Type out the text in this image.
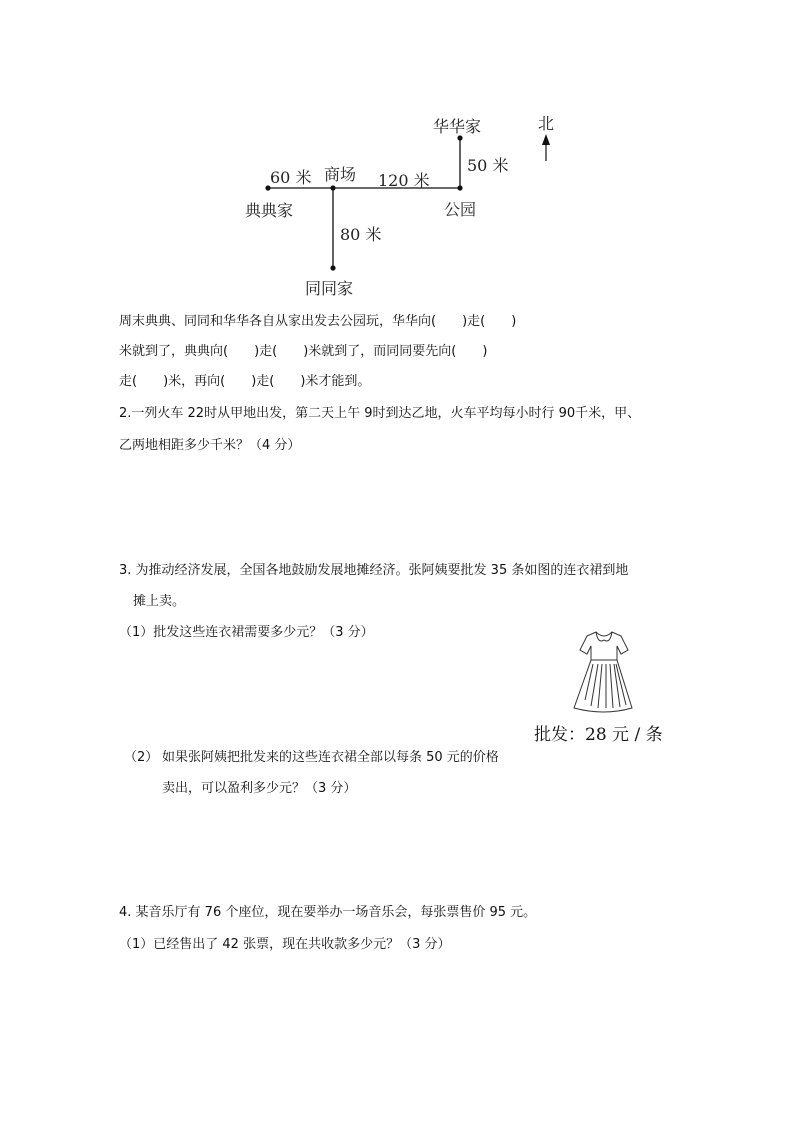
华华家	北
商场
60 米	120 米
50 米
典典家	公园
80 米
同同家
周末典典、同同和华华各自从家出发去公园玩，华华向(　　)走(　　)
米就到了，典典向(　　)走(　　)米就到了，而同同要先向(　　)
走(　　)米，再向(　　)走(　　)米才能到。
2.一列火车 22时从甲地出发，第二天上午 9时到达乙地，火车平均每小时行 90千米，甲、
乙两地相距多少千米？（4 分）
3. 为推动经济发展，全国各地鼓励发展地摊经济。张阿姨要批发 35 条如图的连衣裙到地
摊上卖。
（1）批发这些连衣裙需要多少元？（3 分）
批发：28 元 / 条
（2） 如果张阿姨把批发来的这些连衣裙全部以每条 50 元的价格
卖出，可以盈利多少元？（3 分）
4. 某音乐厅有 76 个座位，现在要举办一场音乐会，每张票售价 95 元。
（1）已经售出了 42 张票，现在共收款多少元？（3 分）
